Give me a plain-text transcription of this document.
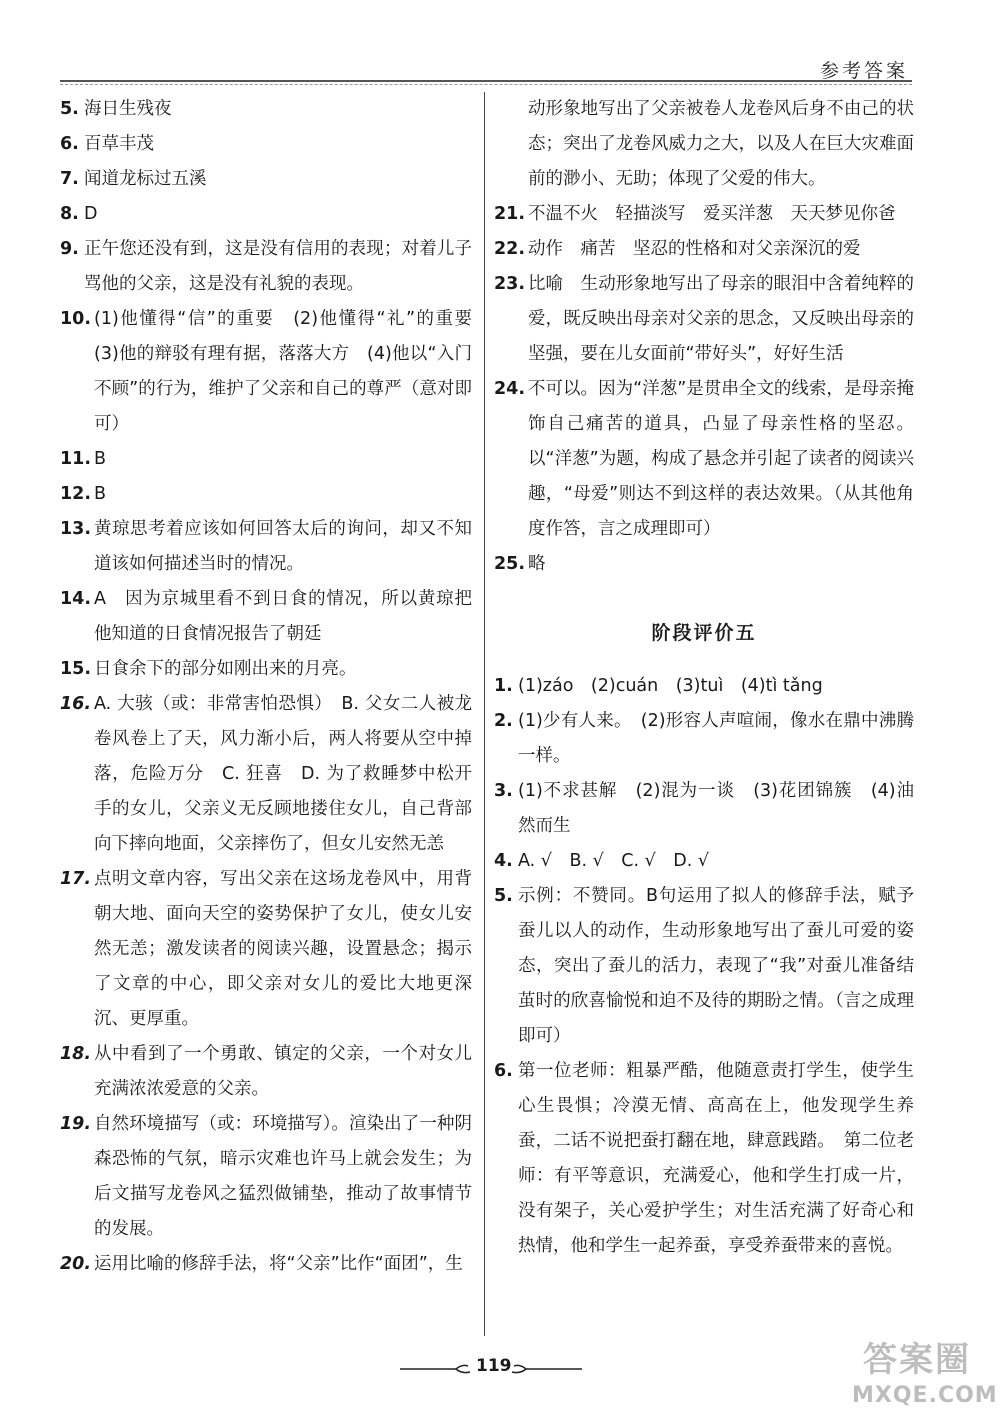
参考答案
5. 海日生残夜
6. 百草丰茂
7. 闻道龙标过五溪
8. D
9. 正午您还没有到，这是没有信用的表现；对着儿子骂他的父亲，这是没有礼貌的表现。
10. (1)他懂得“信”的重要　(2)他懂得“礼”的重要　(3)他的辩驳有理有据，落落大方　(4)他以“入门不顾”的行为，维护了父亲和自己的尊严（意对即可）
11. B
12. B
13. 黄琼思考着应该如何回答太后的询问，却又不知道该如何描述当时的情况。
14. A　因为京城里看不到日食的情况，所以黄琼把他知道的日食情况报告了朝廷
15. 日食余下的部分如刚出来的月亮。
16. A. 大骇（或：非常害怕恐惧）　B. 父女二人被龙卷风卷上了天，风力渐小后，两人将要从空中掉落，危险万分　C. 狂喜　D. 为了救睡梦中松开手的女儿，父亲义无反顾地搂住女儿，自己背部向下摔向地面，父亲摔伤了，但女儿安然无恙
17. 点明文章内容，写出父亲在这场龙卷风中，用背朝大地、面向天空的姿势保护了女儿，使女儿安然无恙；激发读者的阅读兴趣，设置悬念；揭示了文章的中心，即父亲对女儿的爱比大地更深沉、更厚重。
18. 从中看到了一个勇敢、镇定的父亲，一个对女儿充满浓浓爱意的父亲。
19. 自然环境描写（或：环境描写）。渲染出了一种阴森恐怖的气氛，暗示灾难也许马上就会发生；为后文描写龙卷风之猛烈做铺垫，推动了故事情节的发展。
20. 运用比喻的修辞手法，将“父亲”比作“面团”，生
动形象地写出了父亲被卷人龙卷风后身不由己的状态；突出了龙卷风威力之大，以及人在巨大灾难面前的渺小、无助；体现了父爱的伟大。
21. 不温不火　轻描淡写　爱买洋葱　天天梦见你爸
22. 动作　痛苦　坚忍的性格和对父亲深沉的爱
23. 比喻　生动形象地写出了母亲的眼泪中含着纯粹的爱，既反映出母亲对父亲的思念，又反映出母亲的坚强，要在儿女面前“带好头”，好好生活
24. 不可以。因为“洋葱”是贯串全文的线索，是母亲掩饰自己痛苦的道具，凸显了母亲性格的坚忍。以“洋葱”为题，构成了悬念并引起了读者的阅读兴趣，“母爱”则达不到这样的表达效果。（从其他角度作答，言之成理即可）
25. 略
阶段评价五
1. (1)záo　(2)cuán　(3)tuì　(4)tì tǎng
2. (1)少有人来。　(2)形容人声喧闹，像水在鼎中沸腾一样。
3. (1)不求甚解　(2)混为一谈　(3)花团锦簇　(4)油然而生
4. A. √　B. √　C. √　D. √
5. 示例：不赞同。B句运用了拟人的修辞手法，赋予蚕儿以人的动作，生动形象地写出了蚕儿可爱的姿态，突出了蚕儿的活力，表现了“我”对蚕儿准备结茧时的欣喜愉悦和迫不及待的期盼之情。（言之成理即可）
6. 第一位老师：粗暴严酷，他随意责打学生，使学生心生畏惧；冷漠无情、高高在上，他发现学生养蚕，二话不说把蚕打翻在地，肆意践踏。　第二位老师：有平等意识，充满爱心，他和学生打成一片，没有架子，关心爱护学生；对生活充满了好奇心和热情，他和学生一起养蚕，享受养蚕带来的喜悦。
119	答案圈
MXQE.COM
